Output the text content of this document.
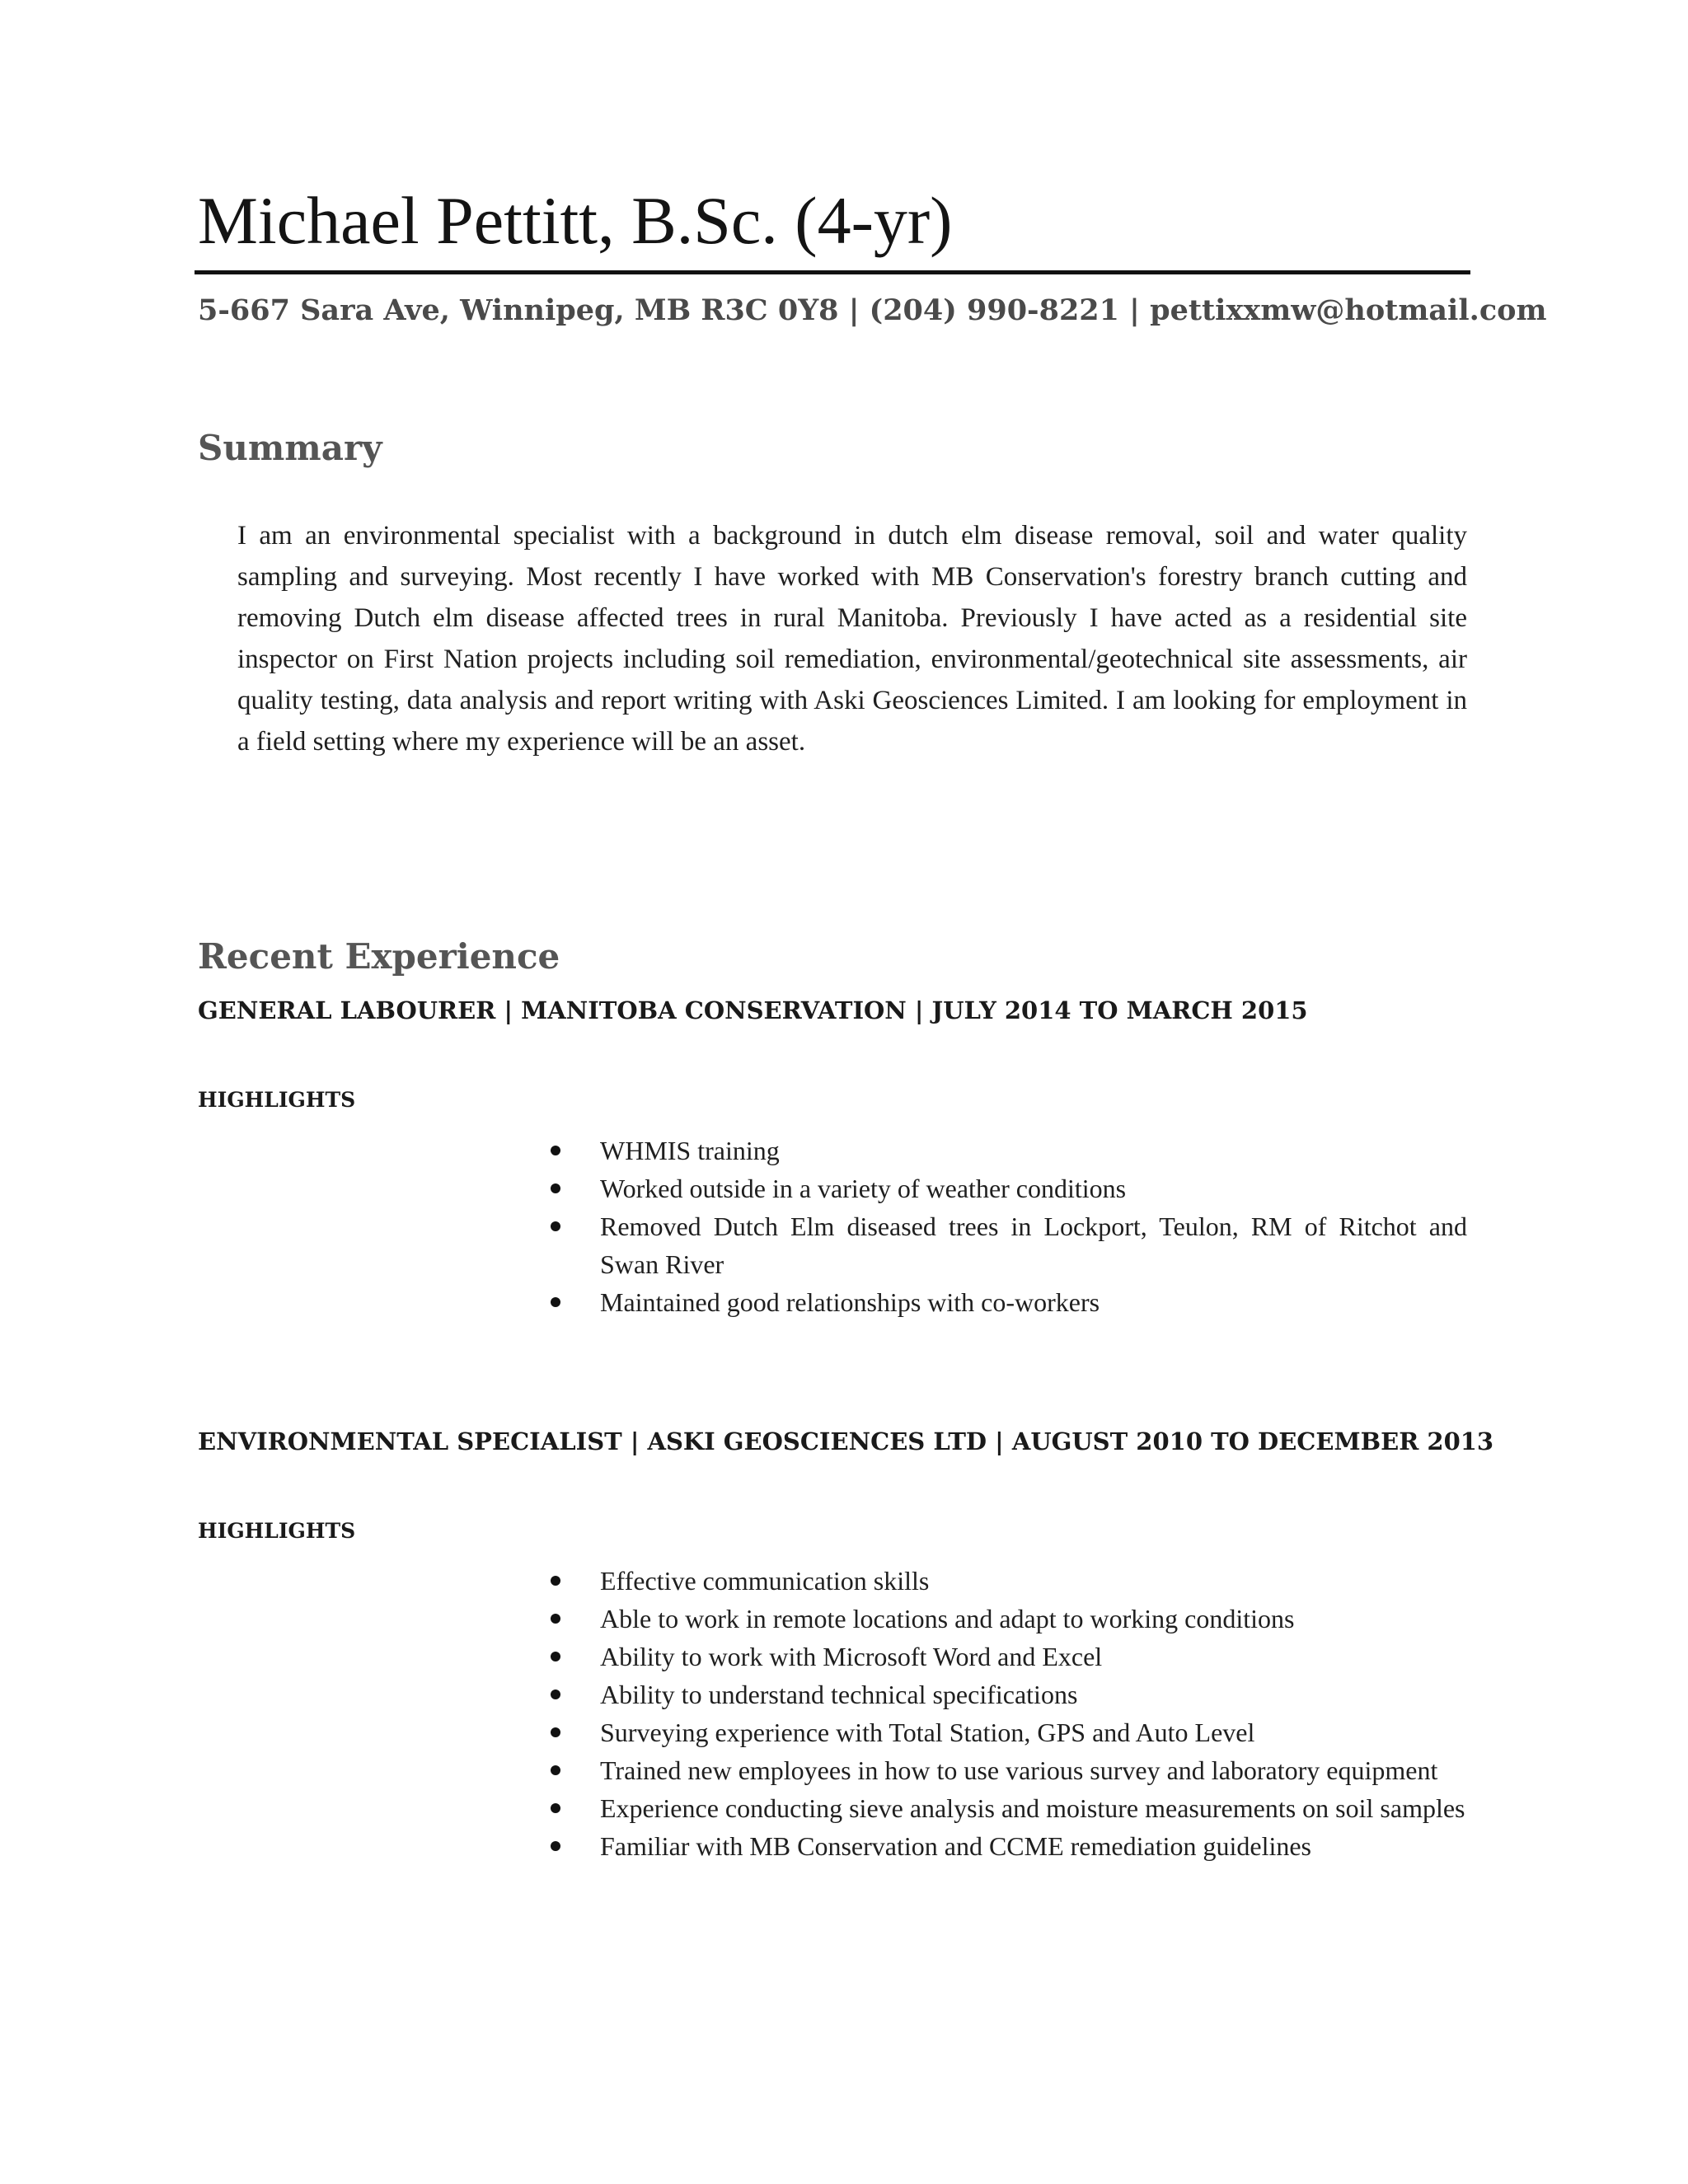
Michael Pettitt, B.Sc. (4-yr)
5-667 Sara Ave, Winnipeg, MB R3C 0Y8 | (204) 990-8221 | pettixxmw@hotmail.com
Summary
I am an environmental specialist with a background in dutch elm disease removal, soil and water quality sampling and surveying. Most recently I have worked with MB Conservation's forestry branch cutting and removing Dutch elm disease affected trees in rural Manitoba. Previously I have acted as a residential site inspector on First Nation projects including soil remediation, environmental/geotechnical site assessments, air quality testing, data analysis and report writing with Aski Geosciences Limited. I am looking for employment in a field setting where my experience will be an asset.
Recent Experience
GENERAL LABOURER | MANITOBA CONSERVATION | JULY 2014 TO MARCH 2015
HIGHLIGHTS
WHMIS training
Worked outside in a variety of weather conditions
Removed Dutch Elm diseased trees in Lockport, Teulon, RM of Ritchot and Swan River
Maintained good relationships with co-workers
ENVIRONMENTAL SPECIALIST | ASKI GEOSCIENCES LTD | AUGUST 2010 TO DECEMBER 2013
HIGHLIGHTS
Effective communication skills
Able to work in remote locations and adapt to working conditions
Ability to work with Microsoft Word and Excel
Ability to understand technical specifications
Surveying experience with Total Station, GPS and Auto Level
Trained new employees in how to use various survey and laboratory equipment
Experience conducting sieve analysis and moisture measurements on soil samples
Familiar with MB Conservation and CCME remediation guidelines
